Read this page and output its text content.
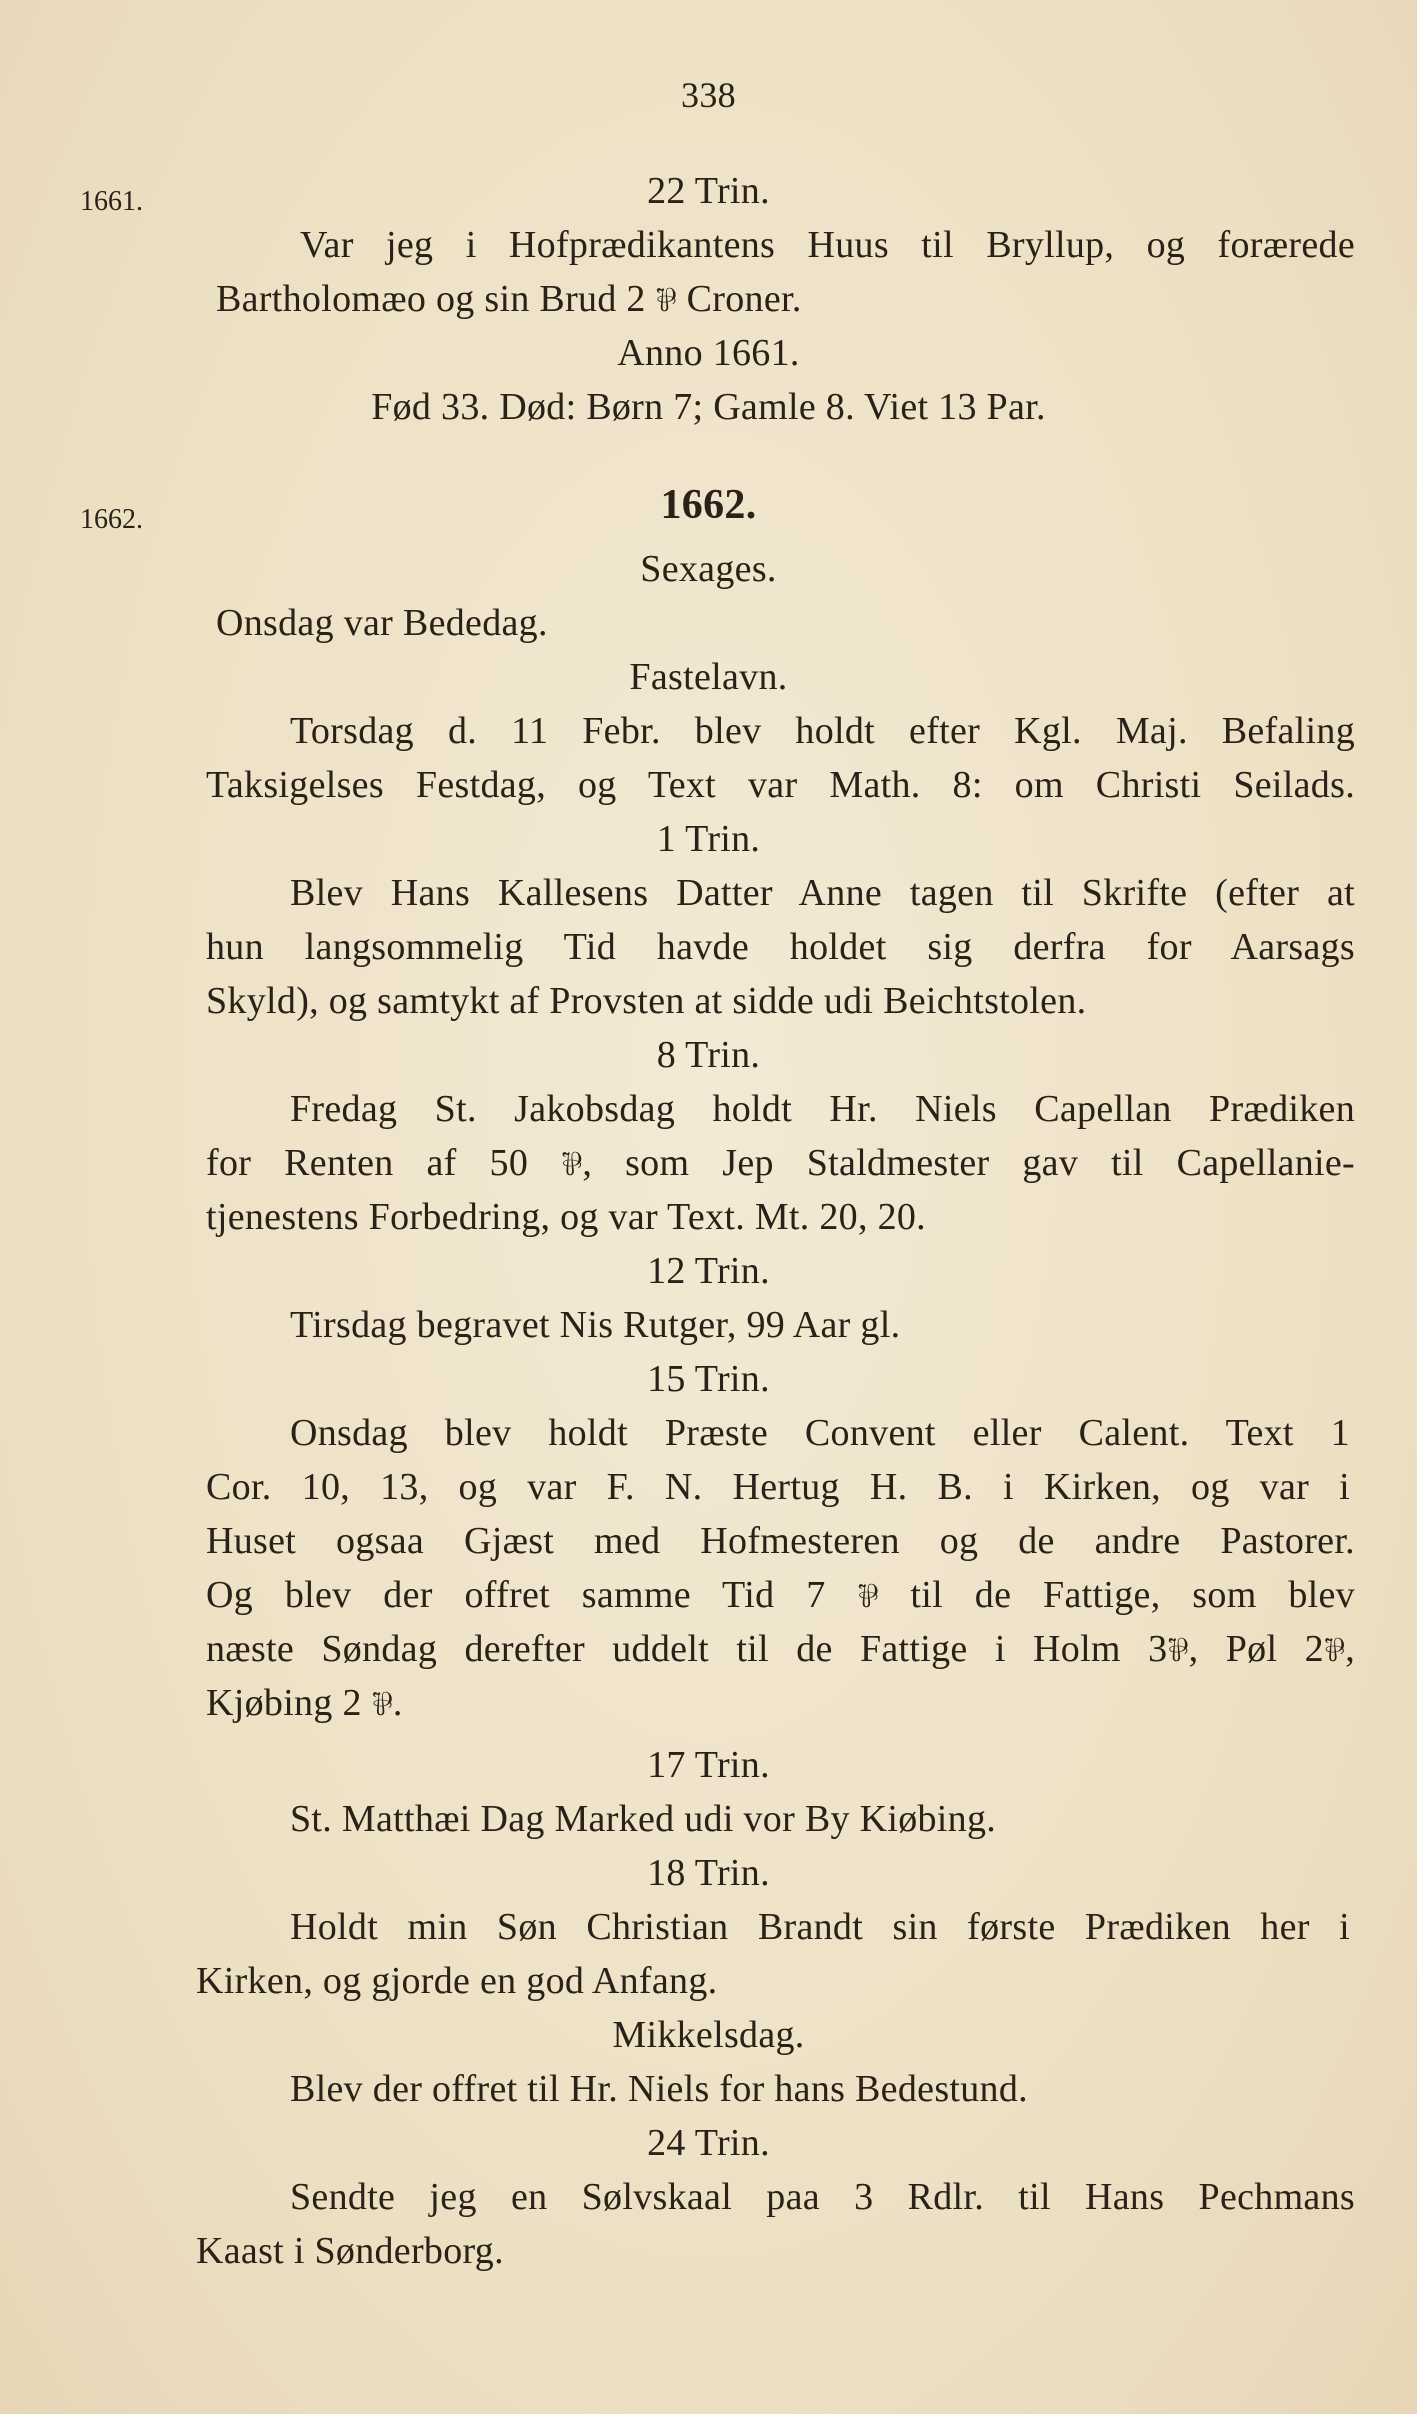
338
1661.
1662.
22 Trin.
Var jeg i Hofprædikantens Huus til Bryllup, og forærede
Bartholomæo og sin Brud 2 ⅌ Croner.
Anno 1661.
Fød 33. Død: Børn 7; Gamle 8. Viet 13 Par.
1662.
Sexages.
Onsdag var Bededag.
Fastelavn.
Torsdag d. 11 Febr. blev holdt efter Kgl. Maj. Befaling
Taksigelses Festdag, og Text var Math. 8: om Christi Seilads.
1 Trin.
Blev Hans Kallesens Datter Anne tagen til Skrifte (efter at
hun langsommelig Tid havde holdet sig derfra for Aarsags
Skyld), og samtykt af Provsten at sidde udi Beichtstolen.
8 Trin.
Fredag St. Jakobsdag holdt Hr. Niels Capellan Prædiken
for Renten af 50 ⅌, som Jep Staldmester gav til Capellanie-
tjenestens Forbedring, og var Text. Mt. 20, 20.
12 Trin.
Tirsdag begravet Nis Rutger, 99 Aar gl.
15 Trin.
Onsdag blev holdt Præste Convent eller Calent. Text 1
Cor. 10, 13, og var F. N. Hertug H. B. i Kirken, og var i
Huset ogsaa Gjæst med Hofmesteren og de andre Pastorer.
Og blev der offret samme Tid 7 ⅌ til de Fattige, som blev
næste Søndag derefter uddelt til de Fattige i Holm 3⅌, Pøl 2⅌,
Kjøbing 2 ⅌.
17 Trin.
St. Matthæi Dag Marked udi vor By Kiøbing.
18 Trin.
Holdt min Søn Christian Brandt sin første Prædiken her i
Kirken, og gjorde en god Anfang.
Mikkelsdag.
Blev der offret til Hr. Niels for hans Bedestund.
24 Trin.
Sendte jeg en Sølvskaal paa 3 Rdlr. til Hans Pechmans
Kaast i Sønderborg.
